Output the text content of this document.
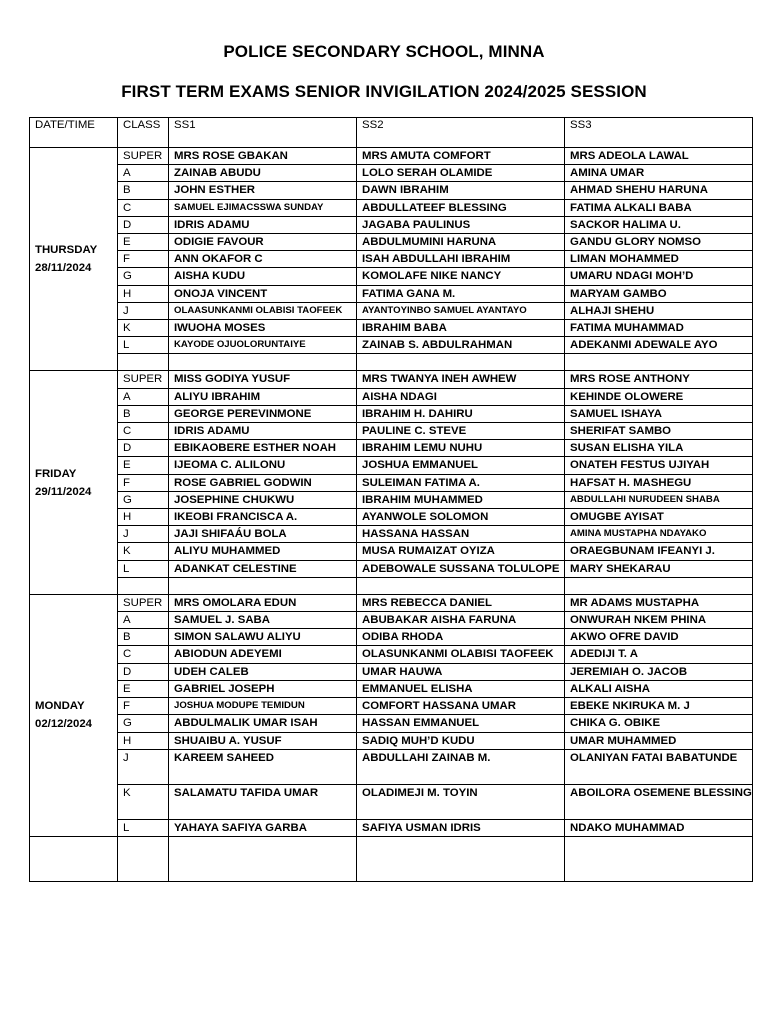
POLICE SECONDARY SCHOOL, MINNA
FIRST TERM EXAMS SENIOR INVIGILATION 2024/2025 SESSION
DATE/TIME	CLASS	SS1	SS2	SS3

THURSDAY
28/11/2024	SUPER	MRS ROSE GBAKAN	MRS AMUTA COMFORT	MRS ADEOLA LAWAL
	A	ZAINAB ABUDU	LOLO SERAH OLAMIDE	AMINA UMAR
	B	JOHN ESTHER	DAWN IBRAHIM	AHMAD SHEHU HARUNA
	C	SAMUEL EJIMACSSWA SUNDAY	ABDULLATEEF BLESSING	FATIMA ALKALI BABA
	D	IDRIS ADAMU	JAGABA PAULINUS	SACKOR HALIMA U.
	E	ODIGIE FAVOUR	ABDULMUMINI HARUNA	GANDU GLORY NOMSO
	F	ANN OKAFOR C	ISAH ABDULLAHI IBRAHIM	LIMAN MOHAMMED
	G	AISHA KUDU	KOMOLAFE NIKE NANCY	UMARU NDAGI MOH’D
	H	ONOJA VINCENT	FATIMA GANA M.	MARYAM GAMBO
	J	OLAASUNKANMI OLABISI TAOFEEK	AYANTOYINBO SAMUEL AYANTAYO	ALHAJI SHEHU
	K	IWUOHA MOSES	IBRAHIM BABA	FATIMA MUHAMMAD
	L	KAYODE OJUOLORUNTAIYE	ZAINAB S. ABDULRAHMAN	ADEKANMI ADEWALE AYO

FRIDAY
29/11/2024	SUPER	MISS GODIYA YUSUF	MRS TWANYA INEH AWHEW	MRS ROSE ANTHONY
	A	ALIYU IBRAHIM	AISHA NDAGI	KEHINDE OLOWERE
	B	GEORGE PEREVINMONE	IBRAHIM H. DAHIRU	SAMUEL ISHAYA
	C	IDRIS ADAMU	PAULINE C. STEVE	SHERIFAT SAMBO
	D	EBIKAOBERE ESTHER NOAH	IBRAHIM LEMU NUHU	SUSAN ELISHA YILA
	E	IJEOMA C. ALILONU	JOSHUA EMMANUEL	ONATEH FESTUS UJIYAH
	F	ROSE GABRIEL GODWIN	SULEIMAN FATIMA A.	HAFSAT H. MASHEGU
	G	JOSEPHINE CHUKWU	IBRAHIM MUHAMMED	ABDULLAHI NURUDEEN SHABA
	H	IKEOBI FRANCISCA A.	AYANWOLE SOLOMON	OMUGBE AYISAT
	J	JAJI SHIFAÁU BOLA	HASSANA HASSAN	AMINA MUSTAPHA NDAYAKO
	K	ALIYU MUHAMMED	MUSA RUMAIZAT OYIZA	ORAEGBUNAM IFEANYI J.
	L	ADANKAT CELESTINE	ADEBOWALE SUSSANA TOLULOPE	MARY SHEKARAU

MONDAY
02/12/2024	SUPER	MRS OMOLARA EDUN	MRS REBECCA DANIEL	MR ADAMS MUSTAPHA
	A	SAMUEL J. SABA	ABUBAKAR AISHA FARUNA	ONWURAH NKEM PHINA
	B	SIMON SALAWU ALIYU	ODIBA RHODA	AKWO OFRE DAVID
	C	ABIODUN ADEYEMI	OLASUNKANMI OLABISI TAOFEEK	ADEDIJI T. A
	D	UDEH CALEB	UMAR HAUWA	JEREMIAH O. JACOB
	E	GABRIEL JOSEPH	EMMANUEL ELISHA	ALKALI AISHA
	F	JOSHUA MODUPE TEMIDUN	COMFORT HASSANA UMAR	EBEKE NKIRUKA M. J
	G	ABDULMALIK UMAR ISAH	HASSAN EMMANUEL	CHIKA G. OBIKE
	H	SHUAIBU A. YUSUF	SADIQ MUH’D KUDU	UMAR MUHAMMED
	J	KAREEM SAHEED	ABDULLAHI ZAINAB M.	OLANIYAN FATAI BABATUNDE
	K	SALAMATU TAFIDA UMAR	OLADIMEJI M. TOYIN	ABOILORA OSEMENE BLESSING
	L	YAHAYA SAFIYA GARBA	SAFIYA USMAN IDRIS	NDAKO MUHAMMAD
